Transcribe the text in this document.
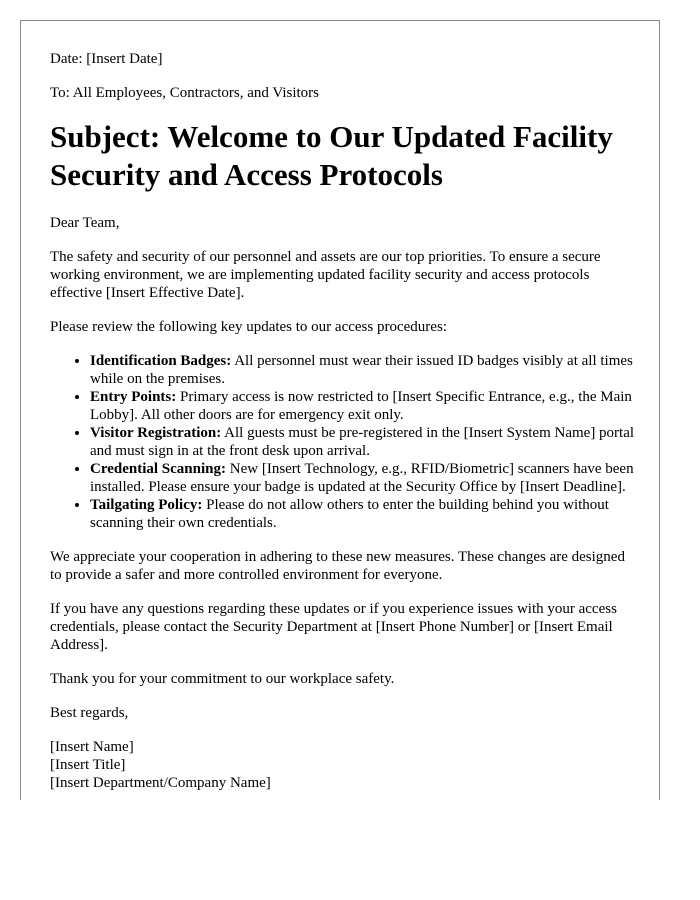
Date: [Insert Date]

To: All Employees, Contractors, and Visitors

Subject: Welcome to Our Updated Facility Security and Access Protocols

Dear Team,

The safety and security of our personnel and assets are our top priorities. To ensure a secure working environment, we are implementing updated facility security and access protocols effective [Insert Effective Date].

Please review the following key updates to our access procedures:

• Identification Badges: All personnel must wear their issued ID badges visibly at all times while on the premises.
• Entry Points: Primary access is now restricted to [Insert Specific Entrance, e.g., the Main Lobby]. All other doors are for emergency exit only.
• Visitor Registration: All guests must be pre-registered in the [Insert System Name] portal and must sign in at the front desk upon arrival.
• Credential Scanning: New [Insert Technology, e.g., RFID/Biometric] scanners have been installed. Please ensure your badge is updated at the Security Office by [Insert Deadline].
• Tailgating Policy: Please do not allow others to enter the building behind you without scanning their own credentials.

We appreciate your cooperation in adhering to these new measures. These changes are designed to provide a safer and more controlled environment for everyone.

If you have any questions regarding these updates or if you experience issues with your access credentials, please contact the Security Department at [Insert Phone Number] or [Insert Email Address].

Thank you for your commitment to our workplace safety.

Best regards,

[Insert Name]
[Insert Title]
[Insert Department/Company Name]
